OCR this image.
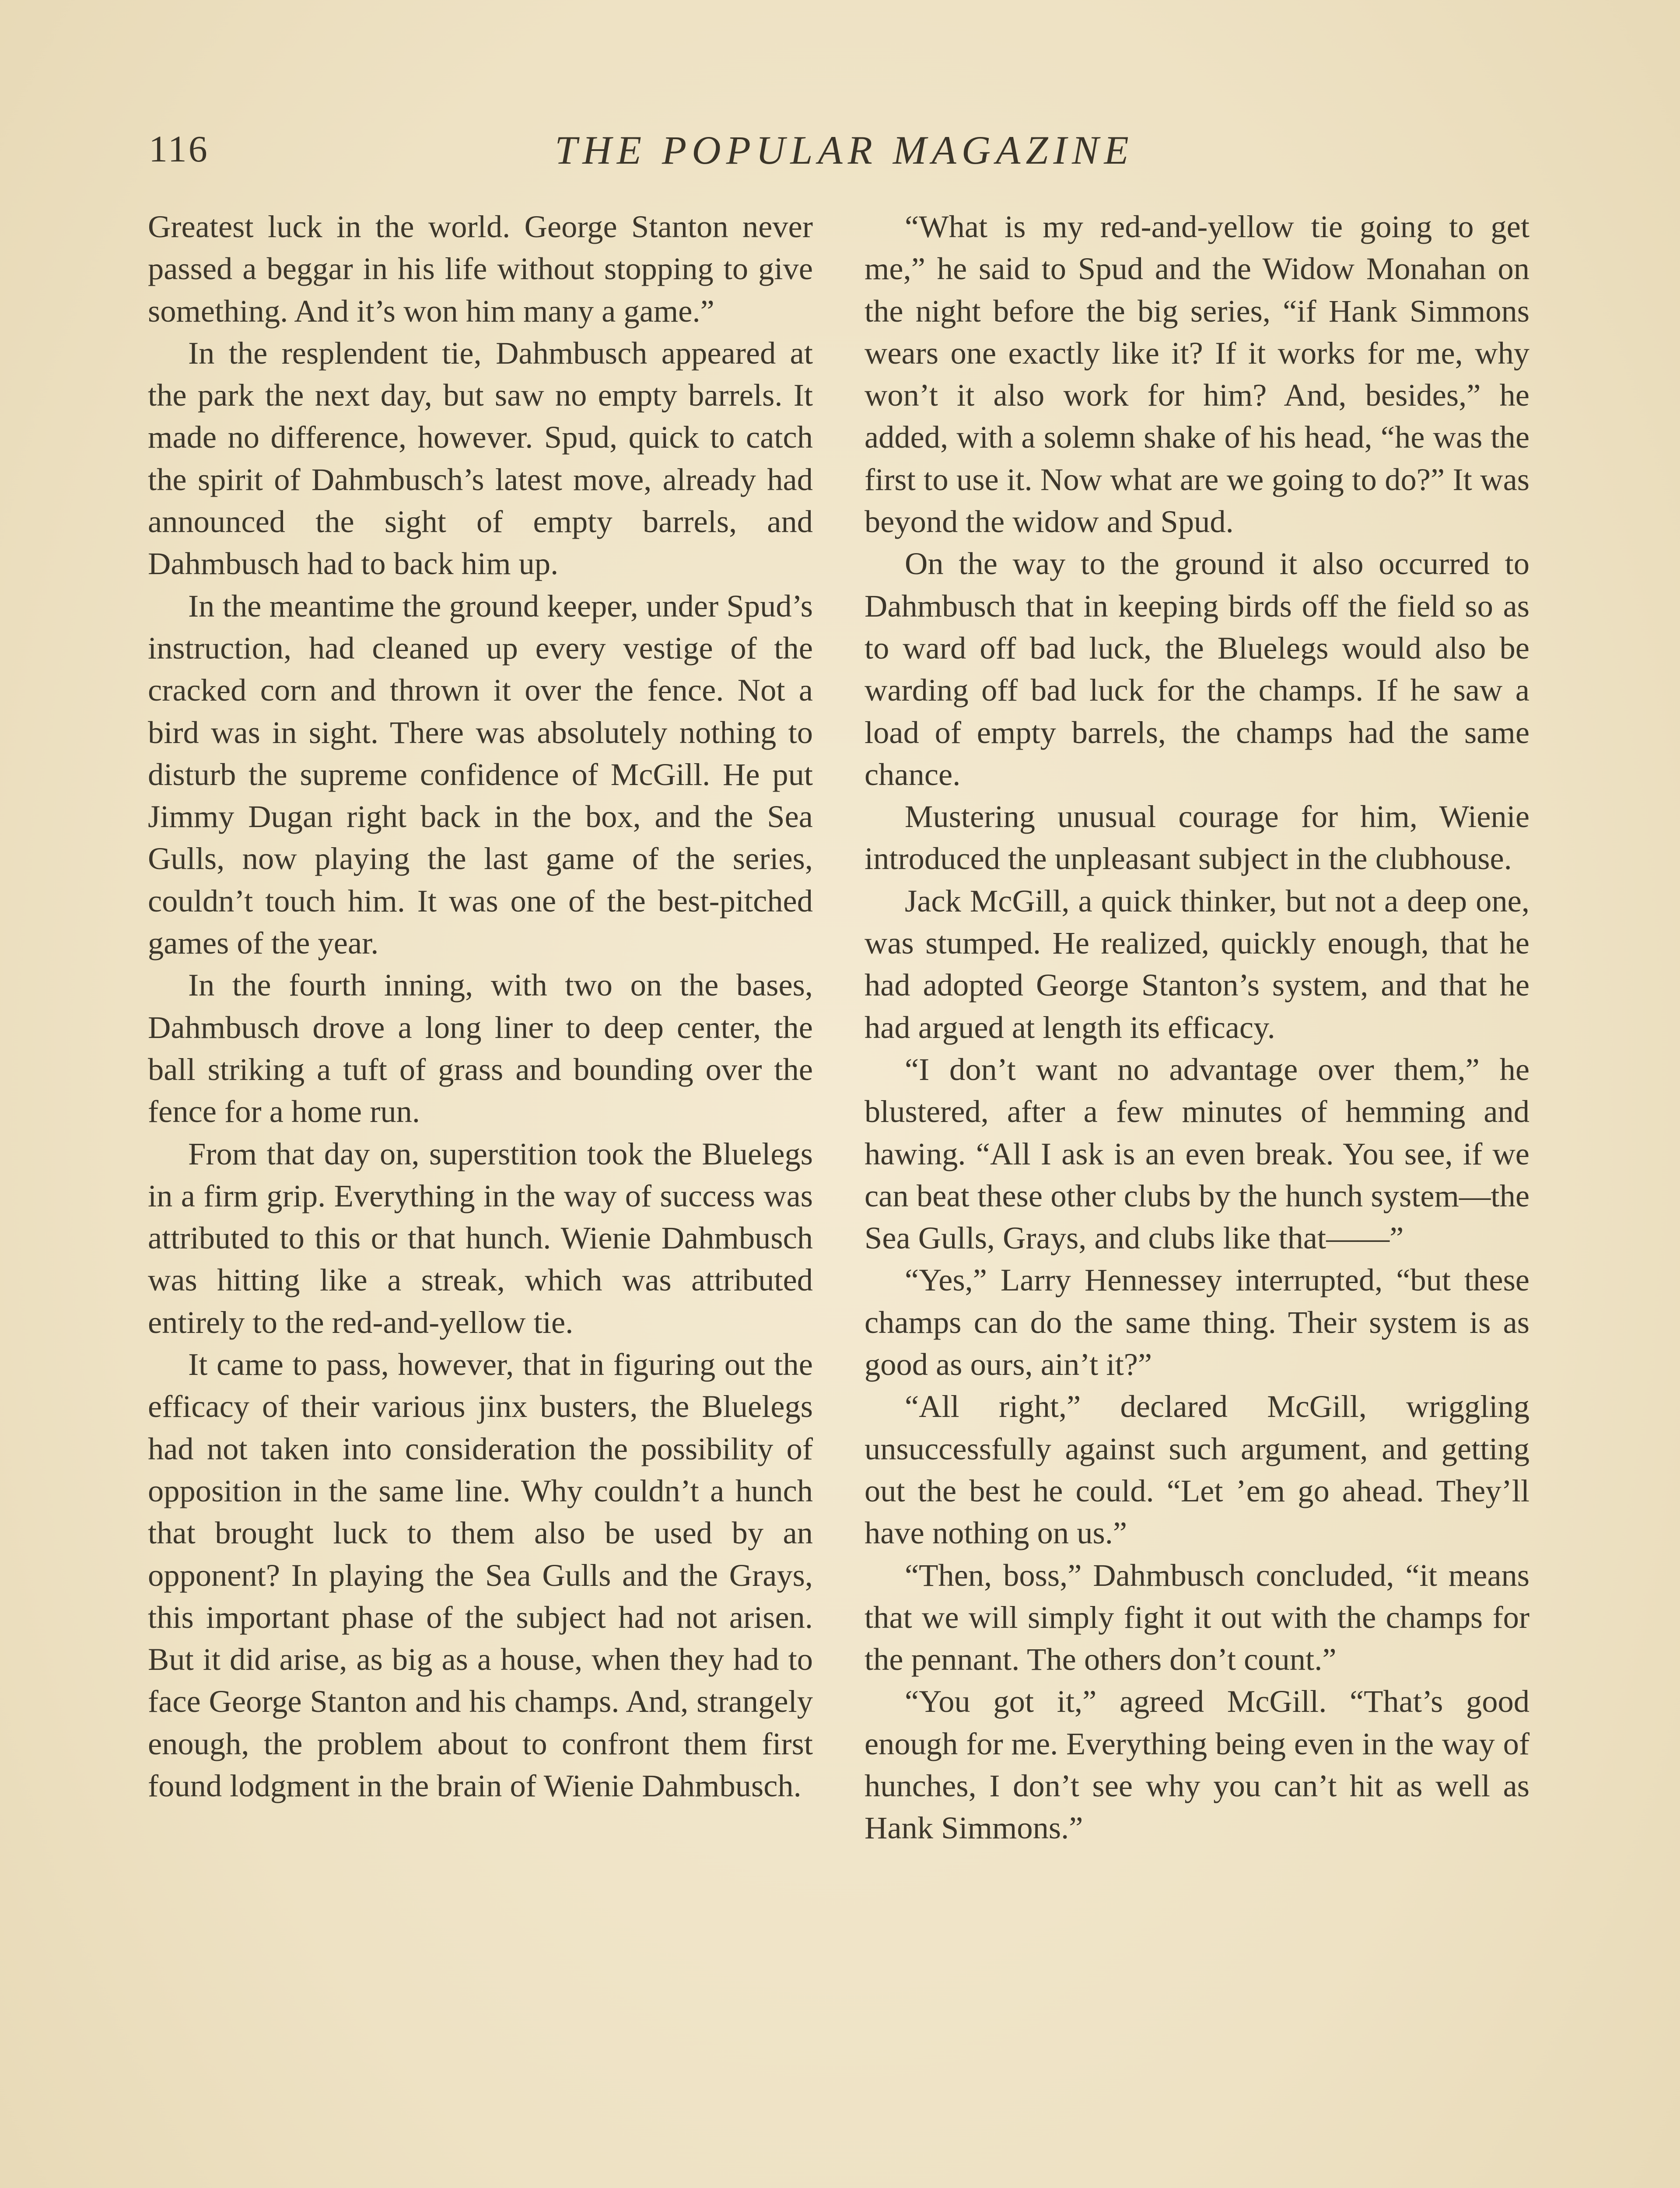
116	THE POPULAR MAGAZINE

Greatest luck in the world. George Stanton never passed a beggar in his life without stopping to give something. And it’s won him many a game.”

In the resplendent tie, Dahmbusch appeared at the park the next day, but saw no empty barrels. It made no difference, however. Spud, quick to catch the spirit of Dahmbusch’s latest move, already had announced the sight of empty barrels, and Dahmbusch had to back him up.

In the meantime the ground keeper, under Spud’s instruction, had cleaned up every vestige of the cracked corn and thrown it over the fence. Not a bird was in sight. There was absolutely nothing to disturb the supreme confidence of McGill. He put Jimmy Dugan right back in the box, and the Sea Gulls, now playing the last game of the series, couldn’t touch him. It was one of the best-pitched games of the year.

In the fourth inning, with two on the bases, Dahmbusch drove a long liner to deep center, the ball striking a tuft of grass and bounding over the fence for a home run.

From that day on, superstition took the Bluelegs in a firm grip. Everything in the way of success was attributed to this or that hunch. Wienie Dahmbusch was hitting like a streak, which was attributed entirely to the red-and-yellow tie.

It came to pass, however, that in figuring out the efficacy of their various jinx busters, the Bluelegs had not taken into consideration the possibility of opposition in the same line. Why couldn’t a hunch that brought luck to them also be used by an opponent? In playing the Sea Gulls and the Grays, this important phase of the subject had not arisen. But it did arise, as big as a house, when they had to face George Stanton and his champs. And, strangely enough, the problem about to confront them first found lodgment in the brain of Wienie Dahmbusch.

“What is my red-and-yellow tie going to get me,” he said to Spud and the Widow Monahan on the night before the big series, “if Hank Simmons wears one exactly like it? If it works for me, why won’t it also work for him? And, besides,” he added, with a solemn shake of his head, “he was the first to use it. Now what are we going to do?” It was beyond the widow and Spud.

On the way to the ground it also occurred to Dahmbusch that in keeping birds off the field so as to ward off bad luck, the Bluelegs would also be warding off bad luck for the champs. If he saw a load of empty barrels, the champs had the same chance.

Mustering unusual courage for him, Wienie introduced the unpleasant subject in the clubhouse.

Jack McGill, a quick thinker, but not a deep one, was stumped. He realized, quickly enough, that he had adopted George Stanton’s system, and that he had argued at length its efficacy.

“I don’t want no advantage over them,” he blustered, after a few minutes of hemming and hawing. “All I ask is an even break. You see, if we can beat these other clubs by the hunch system—the Sea Gulls, Grays, and clubs like that——”

“Yes,” Larry Hennessey interrupted, “but these champs can do the same thing. Their system is as good as ours, ain’t it?”

“All right,” declared McGill, wriggling unsuccessfully against such argument, and getting out the best he could. “Let ’em go ahead. They’ll have nothing on us.”

“Then, boss,” Dahmbusch concluded, “it means that we will simply fight it out with the champs for the pennant. The others don’t count.”

“You got it,” agreed McGill. “That’s good enough for me. Everything being even in the way of hunches, I don’t see why you can’t hit as well as Hank Simmons.”
